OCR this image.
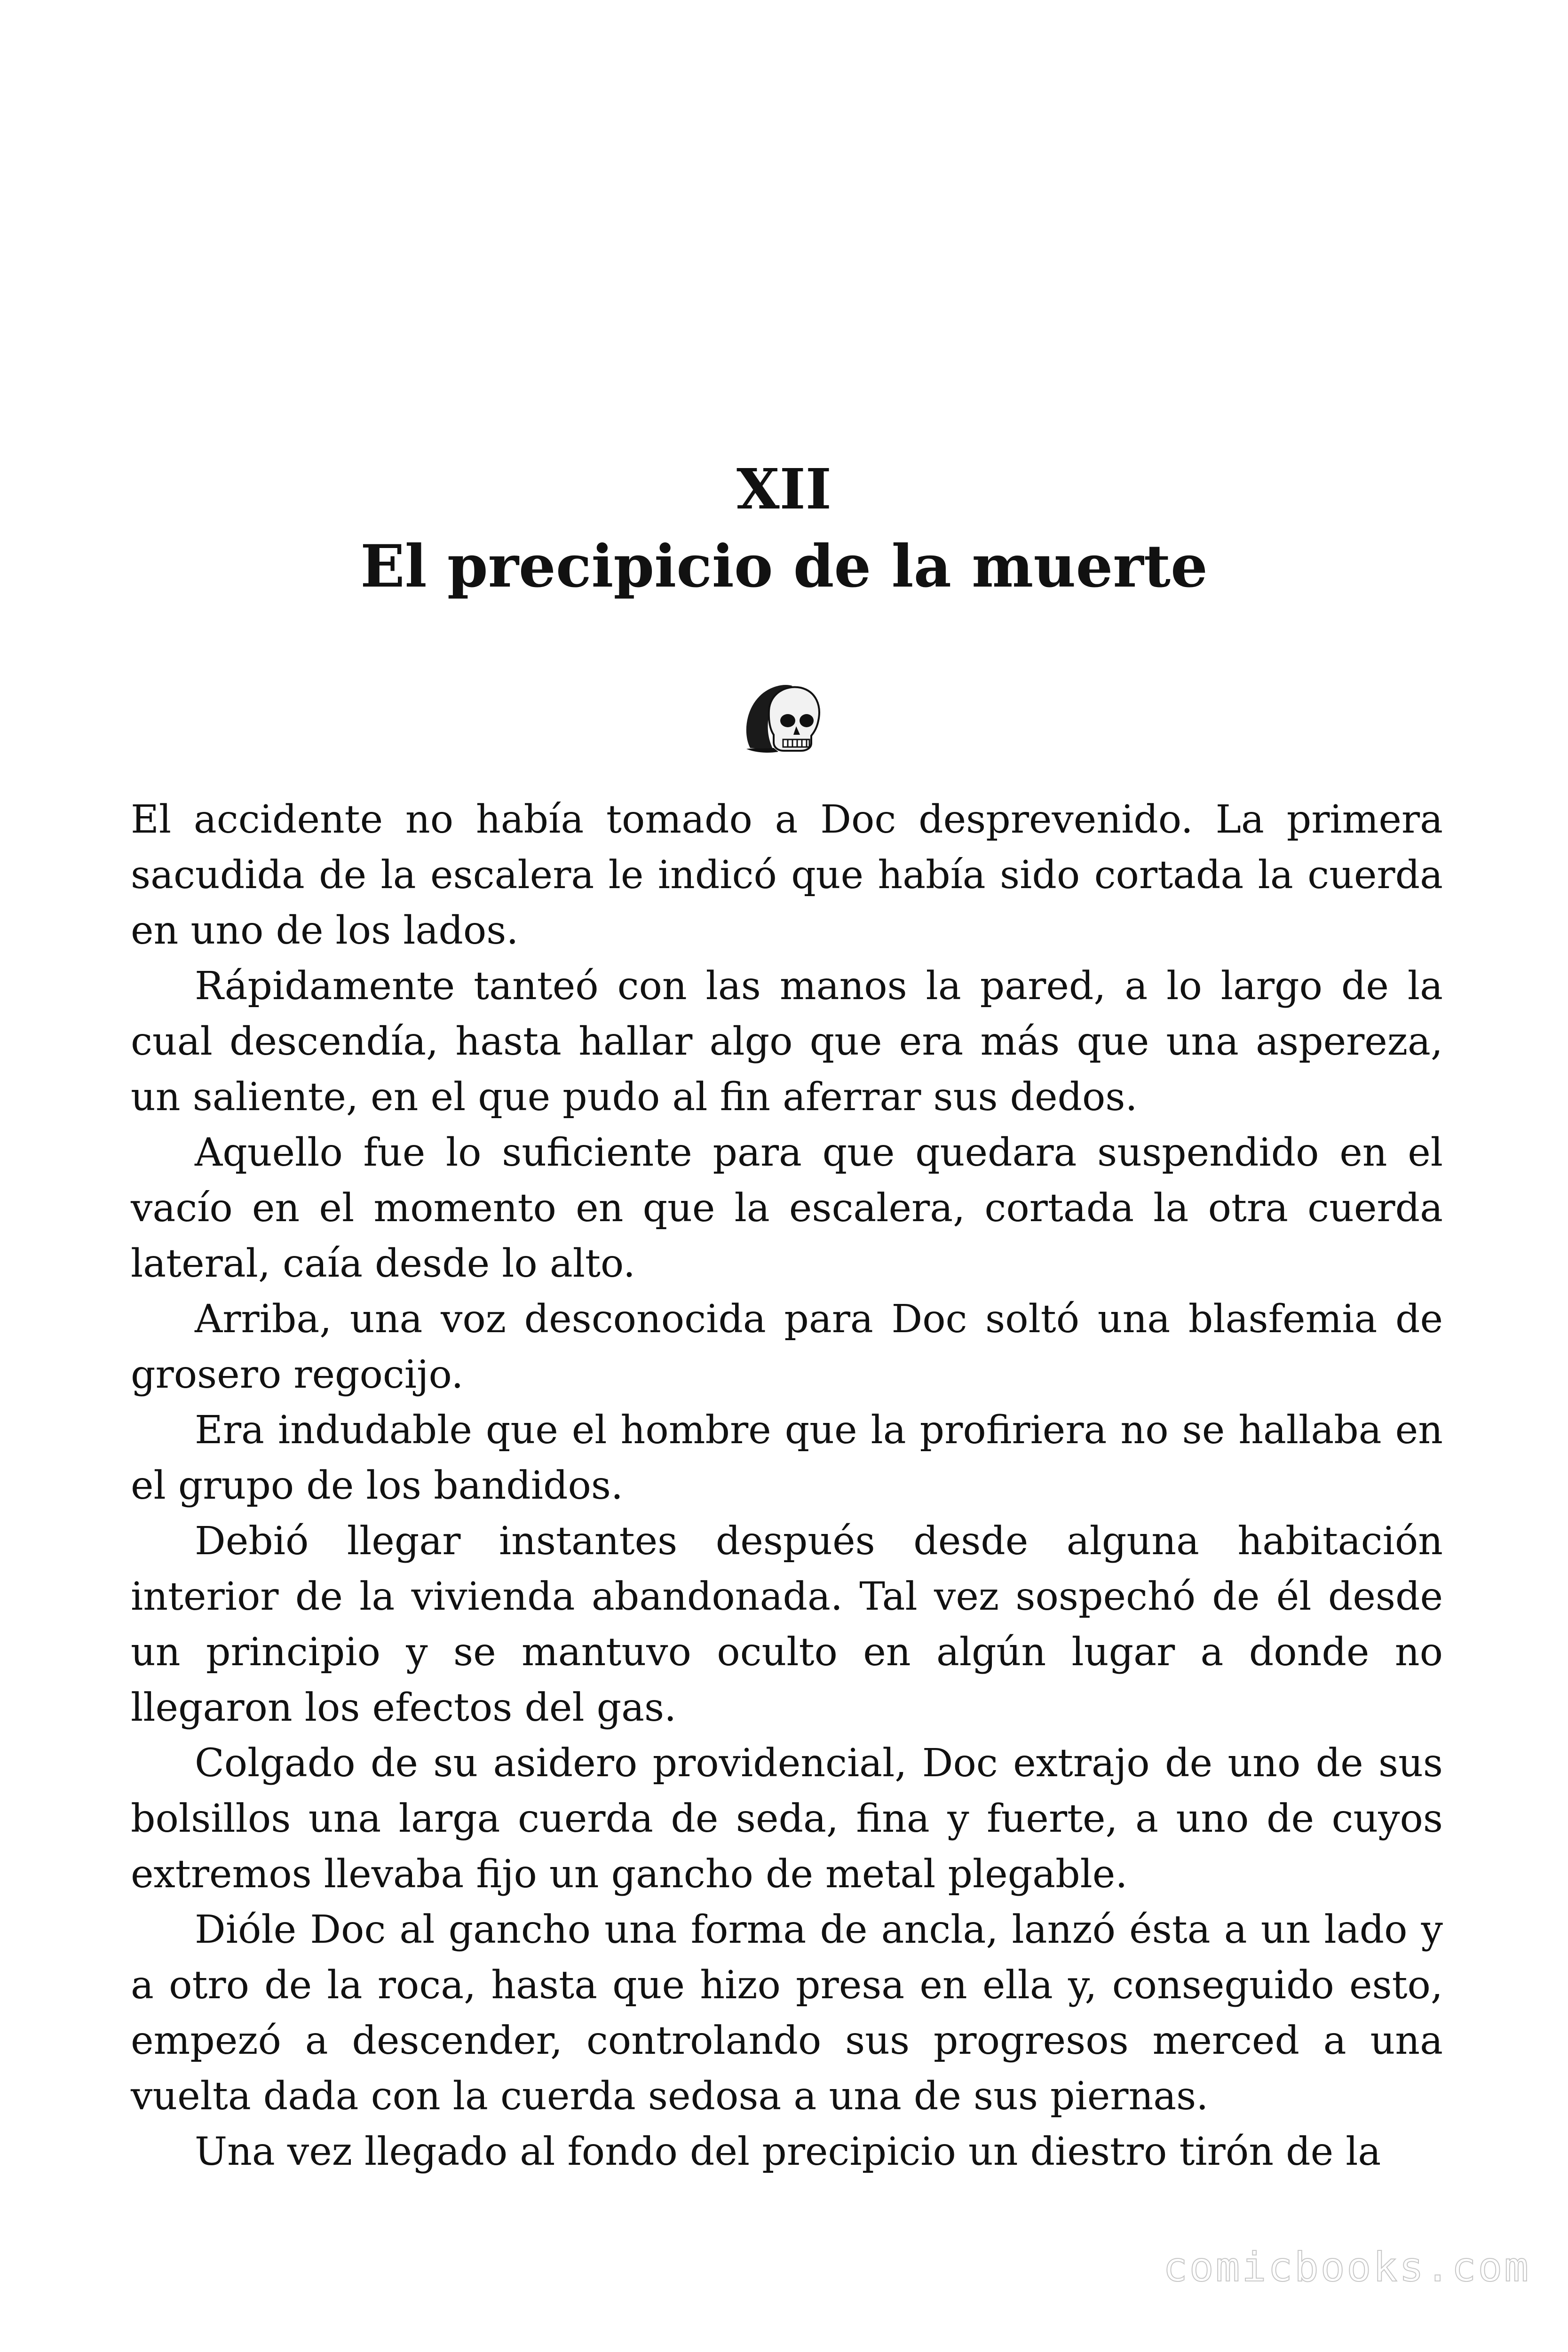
XII

El precipicio de la muerte

El accidente no había tomado a Doc desprevenido. La primera sacudida de la escalera le indicó que había sido cortada la cuerda en uno de los lados.

Rápidamente tanteó con las manos la pared, a lo largo de la cual descendía, hasta hallar algo que era más que una aspereza, un saliente, en el que pudo al fin aferrar sus dedos.

Aquello fue lo suficiente para que quedara suspendido en el vacío en el momento en que la escalera, cortada la otra cuerda lateral, caía desde lo alto.

Arriba, una voz desconocida para Doc soltó una blasfemia de grosero regocijo.

Era indudable que el hombre que la profiriera no se hallaba en el grupo de los bandidos.

Debió llegar instantes después desde alguna habitación interior de la vivienda abandonada. Tal vez sospechó de él desde un principio y se mantuvo oculto en algún lugar a donde no llegaron los efectos del gas.

Colgado de su asidero providencial, Doc extrajo de uno de sus bolsillos una larga cuerda de seda, fina y fuerte, a uno de cuyos extremos llevaba fijo un gancho de metal plegable.

Dióle Doc al gancho una forma de ancla, lanzó ésta a un lado y a otro de la roca, hasta que hizo presa en ella y, conseguido esto, empezó a descender, controlando sus progresos merced a una vuelta dada con la cuerda sedosa a una de sus piernas.

Una vez llegado al fondo del precipicio un diestro tirón de la

comicbooks.com
